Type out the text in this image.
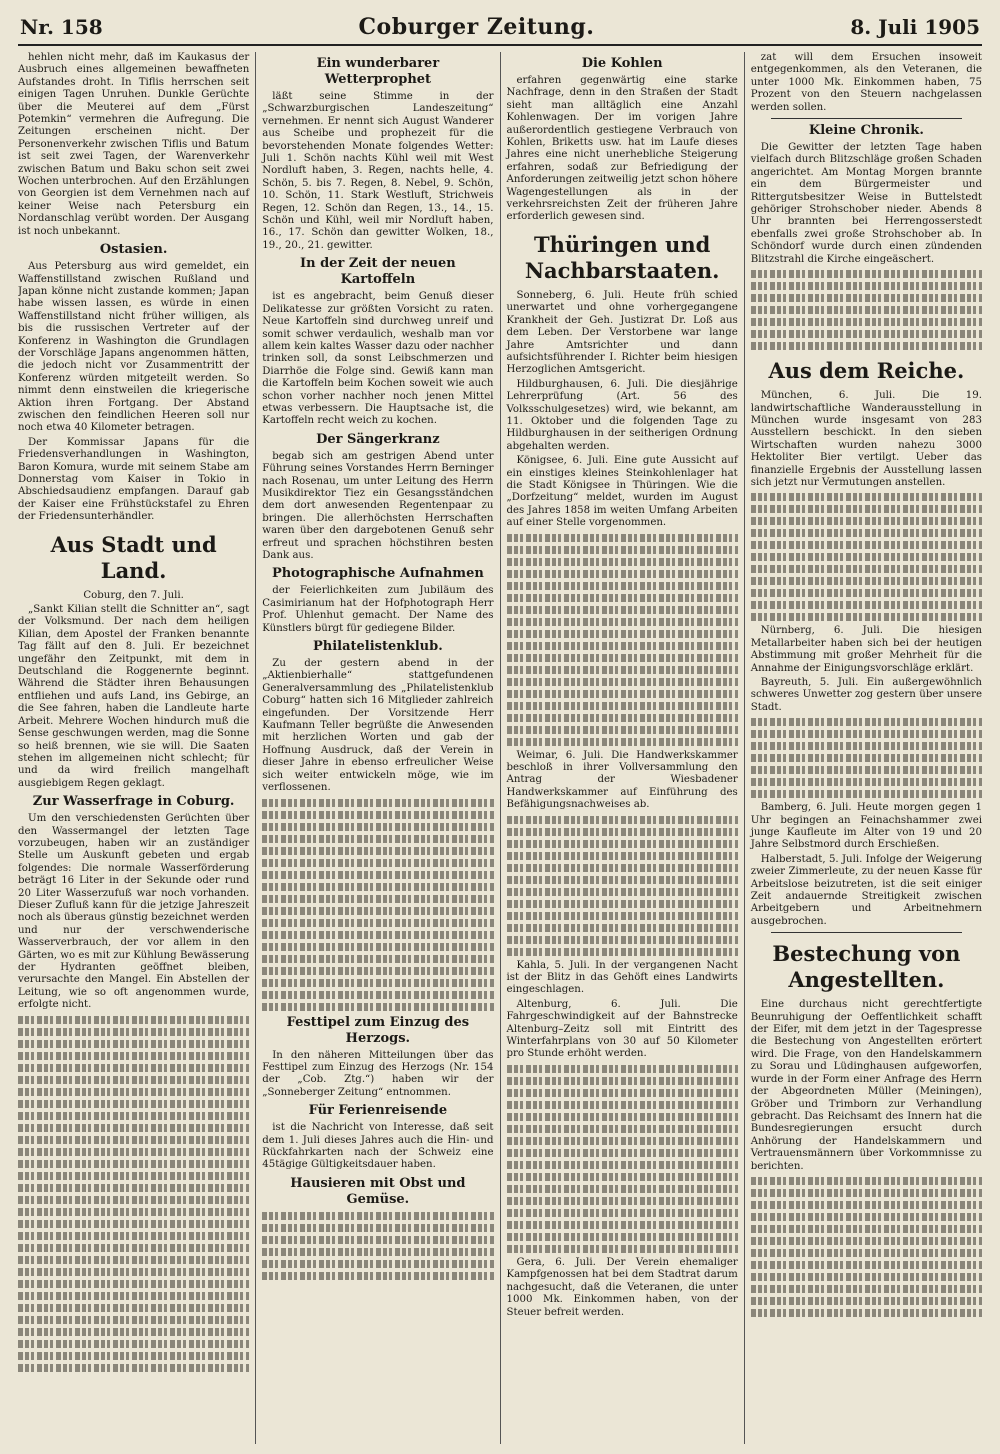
Nr. 158	Coburger Zeitung.	8. Juli 1905

hehlen nicht mehr, daß im Kaukasus der Ausbruch eines allgemeinen bewaffneten Aufstandes droht. In Tiflis herrschen seit einigen Tagen Unruhen. Dunkle Gerüchte über die Meuterei auf dem „Fürst Potemkin“ vermehren die Aufregung. Die Zeitungen erscheinen nicht. Der Personenverkehr zwischen Tiflis und Batum ist seit zwei Tagen, der Warenverkehr zwischen Batum und Baku schon seit zwei Wochen unterbrochen. Auf den Erzählungen von Georgien ist dem Vernehmen nach auf keiner Weise nach Petersburg ein Nordanschlag verübt worden. Der Ausgang ist noch unbekannt.

Ostasien.

Aus Petersburg aus wird gemeldet, ein Waffenstillstand zwischen Rußland und Japan könne nicht zustande kommen; Japan habe wissen lassen, es würde in einen Waffenstillstand nicht früher willigen, als bis die russischen Vertreter auf der Konferenz in Washington die Grundlagen der Vorschläge Japans angenommen hätten, die jedoch nicht vor Zusammentritt der Konferenz würden mitgeteilt werden. So nimmt denn einstweilen die kriegerische Aktion ihren Fortgang. Der Abstand zwischen den feindlichen Heeren soll nur noch etwa 40 Kilometer betragen.

Der Kommissar Japans für die Friedensverhandlungen in Washington, Baron Komura, wurde mit seinem Stabe am Donnerstag vom Kaiser in Tokio in Abschiedsaudienz empfangen. Darauf gab der Kaiser eine Frühstückstafel zu Ehren der Friedensunterhändler.

Aus Stadt und Land.

Coburg, den 7. Juli.

„Sankt Kilian stellt die Schnitter an“, sagt der Volksmund. Der nach dem heiligen Kilian, dem Apostel der Franken benannte Tag fällt auf den 8. Juli. Er bezeichnet ungefähr den Zeitpunkt, mit dem in Deutschland die Roggenernte beginnt. Während die Städter ihren Behausungen entfliehen und aufs Land, ins Gebirge, an die See fahren, haben die Landleute harte Arbeit. Mehrere Wochen hindurch muß die Sense geschwungen werden, mag die Sonne so heiß brennen, wie sie will. Die Saaten stehen im allgemeinen nicht schlecht; für und da wird freilich mangelhaft ausgiebigem Regen geklagt.

Zur Wasserfrage in Coburg.

Um den verschiedensten Gerüchten über den Wassermangel der letzten Tage vorzubeugen, haben wir an zuständiger Stelle um Auskunft gebeten und ergab folgendes: Die normale Wasserförderung beträgt 16 Liter in der Sekunde oder rund 20 Liter Wasserzufuß war noch vorhanden. Dieser Zufluß kann für die jetzige Jahreszeit noch als überaus günstig bezeichnet werden und nur der verschwenderische Wasserverbrauch, der vor allem in den Gärten, wo es mit zur Kühlung Bewässerung der Hydranten geöffnet bleiben, verursachte den Mangel. Ein Abstellen der Leitung, wie so oft angenommen wurde, erfolgte nicht.

Ein wunderbarer Wetterprophet

läßt seine Stimme in der „Schwarzburgischen Landeszeitung“ vernehmen. Er nennt sich August Wanderer aus Scheibe und prophezeit für die bevorstehenden Monate folgendes Wetter: Juli 1. Schön nachts Kühl weil mit West Nordluft haben, 3. Regen, nachts helle, 4. Schön, 5. bis 7. Regen, 8. Nebel, 9. Schön, 10. Schön, 11. Stark Westluft, Strichweis Regen, 12. Schön dan Regen, 13., 14., 15. Schön und Kühl, weil mir Nordluft haben, 16., 17. Schön dan gewitter Wolken, 18., 19., 20., 21. gewitter.

In der Zeit der neuen Kartoffeln

ist es angebracht, beim Genuß dieser Delikatesse zur größten Vorsicht zu raten. Neue Kartoffeln sind durchweg unreif und somit schwer verdaulich, weshalb man vor allem kein kaltes Wasser dazu oder nachher trinken soll, da sonst Leibschmerzen und Diarrhöe die Folge sind. Gewiß kann man die Kartoffeln beim Kochen soweit wie auch schon vorher nachher noch jenen Mittel etwas verbessern. Die Hauptsache ist, die Kartoffeln recht weich zu kochen.

Der Sängerkranz

begab sich am gestrigen Abend unter Führung seines Vorstandes Herrn Berninger nach Rosenau, um unter Leitung des Herrn Musikdirektor Tiez ein Gesangsständchen dem dort anwesenden Regentenpaar zu bringen. Die allerhöchsten Herrschaften waren über den dargebotenen Genuß sehr erfreut und sprachen höchstihren besten Dank aus.

Photographische Aufnahmen

der Feierlichkeiten zum Jubiläum des Casimirianum hat der Hofphotograph Herr Prof. Uhlenhut gemacht. Der Name des Künstlers bürgt für gediegene Bilder.

Philatelistenklub.

Zu der gestern abend in der „Aktienbierhalle“ stattgefundenen Generalversammlung des „Philatelistenklub Coburg“ hatten sich 16 Mitglieder zahlreich eingefunden. Der Vorsitzende Herr Kaufmann Teller begrüßte die Anwesenden mit herzlichen Worten und gab der Hoffnung Ausdruck, daß der Verein in dieser Jahre in ebenso erfreulicher Weise sich weiter entwickeln möge, wie im verflossenen.

Festtipel zum Einzug des Herzogs.

In den näheren Mitteilungen über das Festtipel zum Einzug des Herzogs (Nr. 154 der „Cob. Ztg.“) haben wir der „Sonneberger Zeitung“ entnommen.

Für Ferienreisende

ist die Nachricht von Interesse, daß seit dem 1. Juli dieses Jahres auch die Hin- und Rückfahrkarten nach der Schweiz eine 45tägige Gültigkeitsdauer haben.

Hausieren mit Obst und Gemüse.
Die Kohlen

erfahren gegenwärtig eine starke Nachfrage, denn in den Straßen der Stadt sieht man alltäglich eine Anzahl Kohlenwagen. Der im vorigen Jahre außerordentlich gestiegene Verbrauch von Kohlen, Briketts usw. hat im Laufe dieses Jahres eine nicht unerhebliche Steigerung erfahren, sodaß zur Befriedigung der Anforderungen zeitweilig jetzt schon höhere Wagengestellungen als in der verkehrsreichsten Zeit der früheren Jahre erforderlich gewesen sind.

Thüringen und Nachbarstaaten.

Sonneberg, 6. Juli. Heute früh schied unerwartet und ohne vorhergegangene Krankheit der Geh. Justizrat Dr. Loß aus dem Leben. Der Verstorbene war lange Jahre Amtsrichter und dann aufsichtsführender I. Richter beim hiesigen Herzoglichen Amtsgericht.

Hildburghausen, 6. Juli. Die diesjährige Lehrerprüfung (Art. 56 des Volksschulgesetzes) wird, wie bekannt, am 11. Oktober und die folgenden Tage zu Hildburghausen in der seitherigen Ordnung abgehalten werden.

Königsee, 6. Juli. Eine gute Aussicht auf ein einstiges kleines Steinkohlenlager hat die Stadt Königsee in Thüringen. Wie die „Dorfzeitung“ meldet, wurden im August des Jahres 1858 im weiten Umfang Arbeiten auf einer Stelle vorgenommen.

Weimar, 6. Juli. Die Handwerkskammer beschloß in ihrer Vollversammlung den Antrag der Wiesbadener Handwerkskammer auf Einführung des Befähigungsnachweises ab.

Kahla, 5. Juli. In der vergangenen Nacht ist der Blitz in das Gehöft eines Landwirts eingeschlagen.

Altenburg, 6. Juli. Die Fahrgeschwindigkeit auf der Bahnstrecke Altenburg–Zeitz soll mit Eintritt des Winterfahrplans von 30 auf 50 Kilometer pro Stunde erhöht werden.

Gera, 6. Juli. Der Verein ehemaliger Kampfgenossen hat bei dem Stadtrat darum nachgesucht, daß die Veteranen, die unter 1000 Mk. Einkommen haben, von der Steuer befreit werden.

zat will dem Ersuchen insoweit entgegenkommen, als den Veteranen, die unter 1000 Mk. Einkommen haben, 75 Prozent von den Steuern nachgelassen werden sollen.

Kleine Chronik.

Die Gewitter der letzten Tage haben vielfach durch Blitzschläge großen Schaden angerichtet. Am Montag Morgen brannte ein dem Bürgermeister und Rittergutsbesitzer Weise in Buttelstedt gehöriger Strohschober nieder. Abends 8 Uhr brannten bei Herrengosserstedt ebenfalls zwei große Strohschober ab. In Schöndorf wurde durch einen zündenden Blitzstrahl die Kirche eingeäschert.

Aus dem Reiche.

München, 6. Juli. Die 19. landwirtschaftliche Wanderausstellung in München wurde insgesamt von 283 Ausstellern beschickt. In den sieben Wirtschaften wurden nahezu 3000 Hektoliter Bier vertilgt. Ueber das finanzielle Ergebnis der Ausstellung lassen sich jetzt nur Vermutungen anstellen.

Nürnberg, 6. Juli. Die hiesigen Metallarbeiter haben sich bei der heutigen Abstimmung mit großer Mehrheit für die Annahme der Einigungsvorschläge erklärt.

Bayreuth, 5. Juli. Ein außergewöhnlich schweres Unwetter zog gestern über unsere Stadt.

Bamberg, 6. Juli. Heute morgen gegen 1 Uhr begingen an Feinachshammer zwei junge Kaufleute im Alter von 19 und 20 Jahre Selbstmord durch Erschießen.

Halberstadt, 5. Juli. Infolge der Weigerung zweier Zimmerleute, zu der neuen Kasse für Arbeitslose beizutreten, ist die seit einiger Zeit andauernde Streitigkeit zwischen Arbeitgebern und Arbeitnehmern ausgebrochen.

Bestechung von Angestellten.

Eine durchaus nicht gerechtfertigte Beunruhigung der Oeffentlichkeit schafft der Eifer, mit dem jetzt in der Tagespresse die Bestechung von Angestellten erörtert wird. Die Frage, von den Handelskammern zu Sorau und Lüdinghausen aufgeworfen, wurde in der Form einer Anfrage des Herrn der Abgeordneten Müller (Meiningen), Gröber und Trimborn zur Verhandlung gebracht. Das Reichsamt des Innern hat die Bundesregierungen ersucht durch Anhörung der Handelskammern und Vertrauensmännern über Vorkommnisse zu berichten.
